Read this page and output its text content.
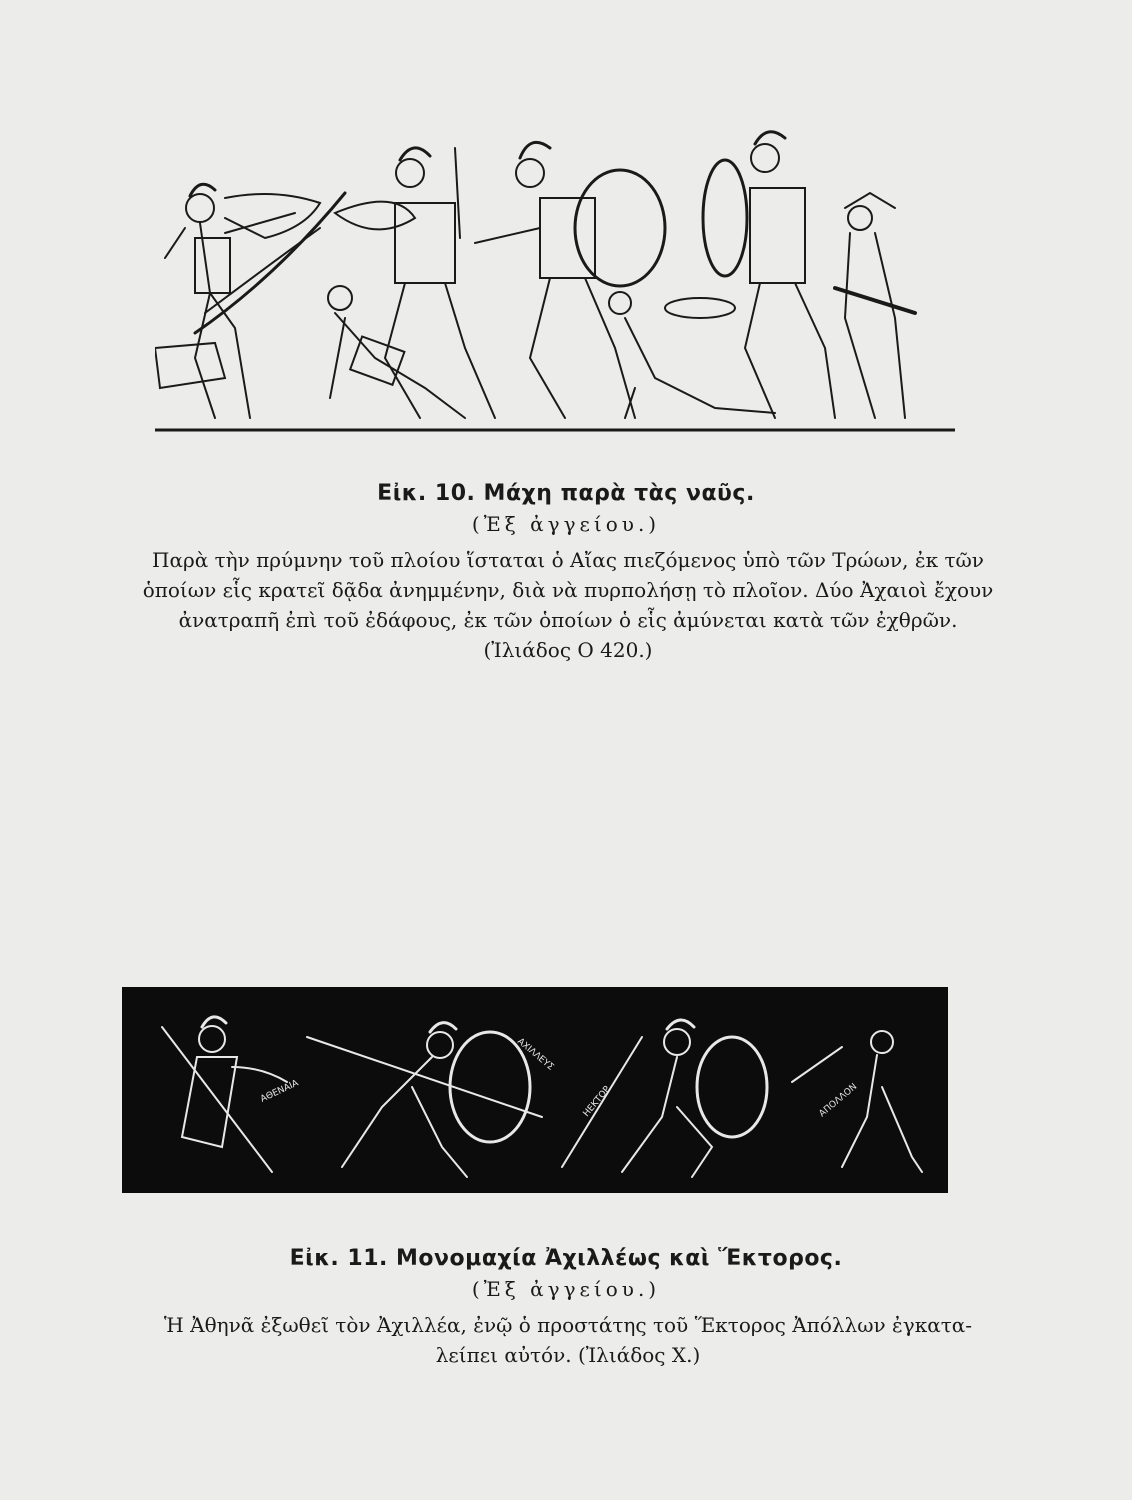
Εἰκ. 10. Μάχη παρὰ τὰς ναῦς.
(Ἐξ ἀγγείου.)
Παρὰ τὴν πρύμνην τοῦ πλοίου ἵσταται ὁ Αἴας πιεζόμενος ὑπὸ τῶν Τρώων, ἐκ τῶν
ὁποίων εἷς κρατεῖ δᾷδα ἀνημμένην, διὰ νὰ πυρπολήσῃ τὸ πλοῖον. Δύο Ἀχαιοὶ ἔχουν
ἀνατραπῆ ἐπὶ τοῦ ἐδάφους, ἐκ τῶν ὁποίων ὁ εἷς ἀμύνεται κατὰ τῶν ἐχθρῶν.
(Ἰλιάδος Ο 420.)
ΑΘΕΝΑΙΑ
ΑΧΙΛΛΕΥΣ
ΗΕΚΤΟΡ	ΑΠΟΛΛΟΝ
Εἰκ. 11. Μονομαχία Ἀχιλλέως καὶ Ἕκτορος.
(Ἐξ ἀγγείου.)
Ἡ Ἀθηνᾶ ἐξωθεῖ τὸν Ἀχιλλέα, ἐνῷ ὁ προστάτης τοῦ Ἕκτορος Ἀπόλλων ἐγκατα-
λείπει αὐτόν. (Ἰλιάδος Χ.)
